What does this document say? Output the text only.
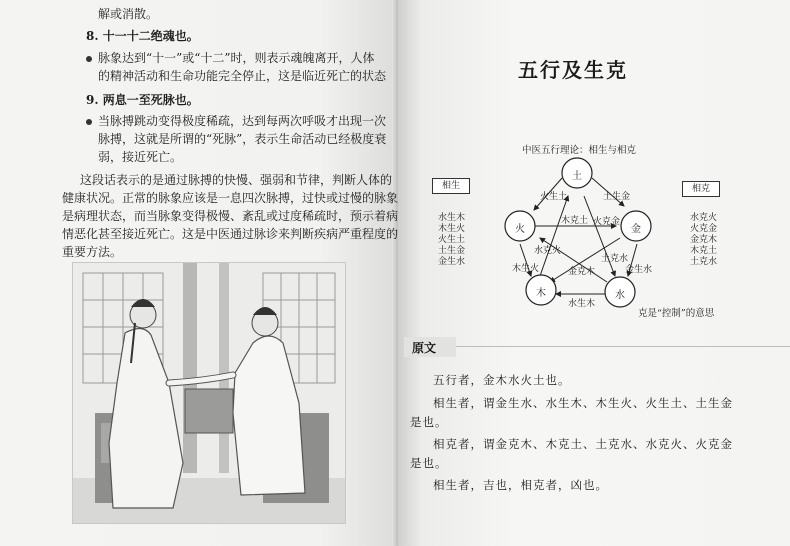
五行及生克
中医五行理论：相生与相克
相生	相克
水生木
木生火
火生土
土生金
金生水
水克火
火克金
金克木
木克土
土克水
土
火	金
木	水
火生土	土生金
水克火
木克土 火克金
木生火	金生水
金克木
土克水
水生木
克是“控制”的意思
原文
五行者，金木水火土也。
相生者，谓金生水、水生木、木生火、火生土、土生金
是也。
相克者，谓金克木、木克土、土克水、水克火、火克金
是也。
相生者，吉也，相克者，凶也。
解或消散。
8. 十一十二绝魂也。
脉象达到“十一”或“十二”时，则表示魂魄离开，人体
的精神活动和生命功能完全停止，这是临近死亡的状态
9. 两息一至死脉也。
当脉搏跳动变得极度稀疏，达到每两次呼吸才出现一次
脉搏，这就是所谓的“死脉”，表示生命活动已经极度衰
弱，接近死亡。
这段话表示的是通过脉搏的快慢、强弱和节律，判断人体的
健康状况。正常的脉象应该是一息四次脉搏，过快或过慢的脉象
是病理状态，而当脉象变得极慢、紊乱或过度稀疏时，预示着病
情恶化甚至接近死亡。这是中医通过脉诊来判断疾病严重程度的
重要方法。
